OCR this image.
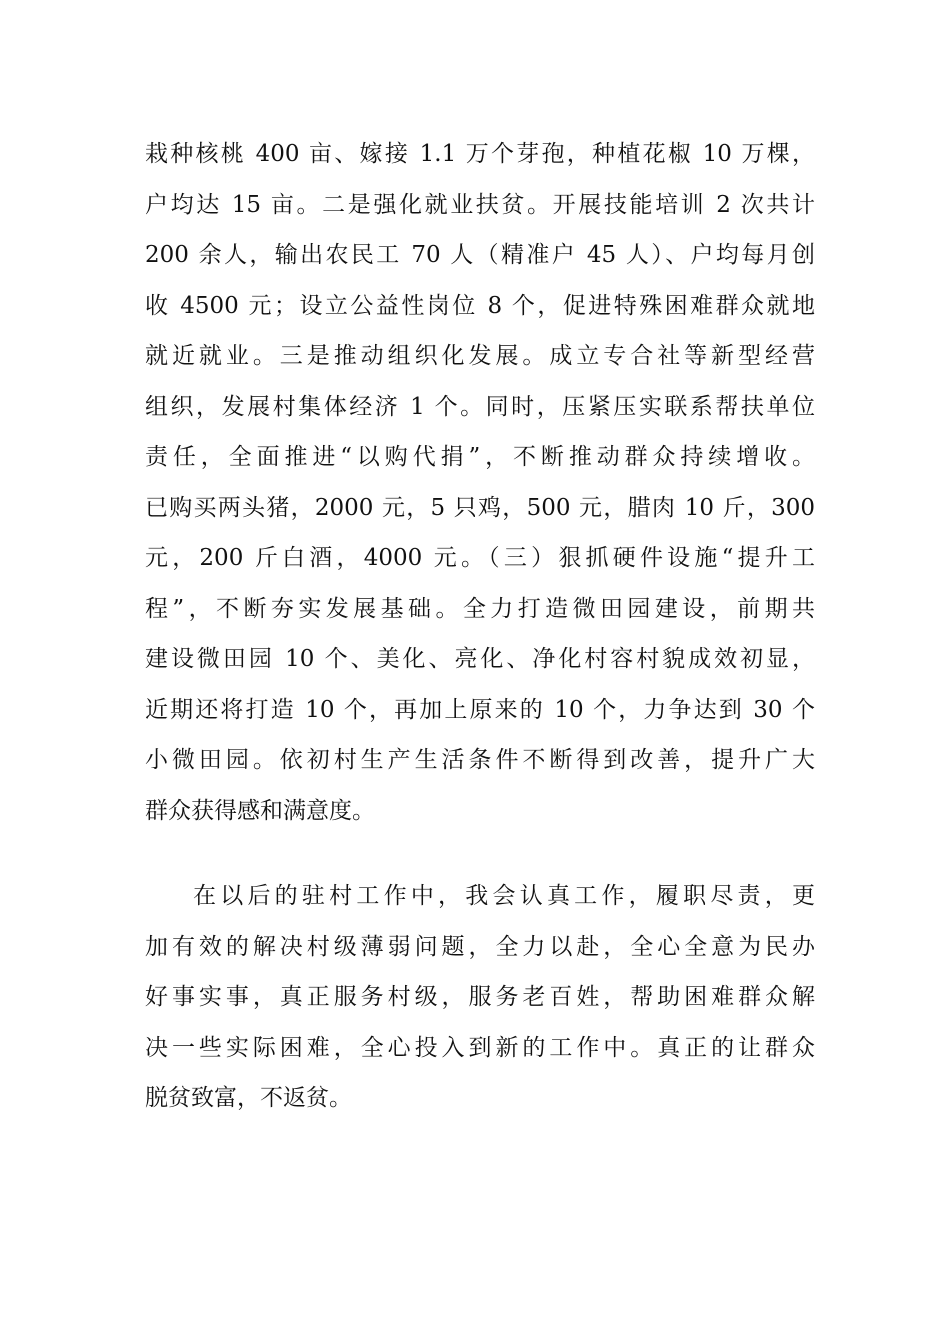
栽种核桃 400 亩、嫁接 1.1 万个芽孢，种植花椒 10 万棵，
户均达 15 亩。二是强化就业扶贫。开展技能培训 2 次共计
200 余人，输出农民工 70 人（精准户 45 人）、户均每月创
收 4500 元；设立公益性岗位 8 个，促进特殊困难群众就地
就近就业。三是推动组织化发展。成立专合社等新型经营
组织，发展村集体经济 1 个。同时，压紧压实联系帮扶单位
责任，全面推进“以购代捐”，不断推动群众持续增收。
已购买两头猪，2000 元，5 只鸡，500 元，腊肉 10 斤，300
元，200 斤白酒，4000 元。（三）狠抓硬件设施“提升工
程”，不断夯实发展基础。全力打造微田园建设，前期共
建设微田园 10 个、美化、亮化、净化村容村貌成效初显，
近期还将打造 10 个，再加上原来的 10 个，力争达到 30 个
小微田园。依初村生产生活条件不断得到改善，提升广大
群众获得感和满意度。
在以后的驻村工作中，我会认真工作，履职尽责，更
加有效的解决村级薄弱问题，全力以赴，全心全意为民办
好事实事，真正服务村级，服务老百姓，帮助困难群众解
决一些实际困难，全心投入到新的工作中。真正的让群众
脱贫致富，不返贫。
